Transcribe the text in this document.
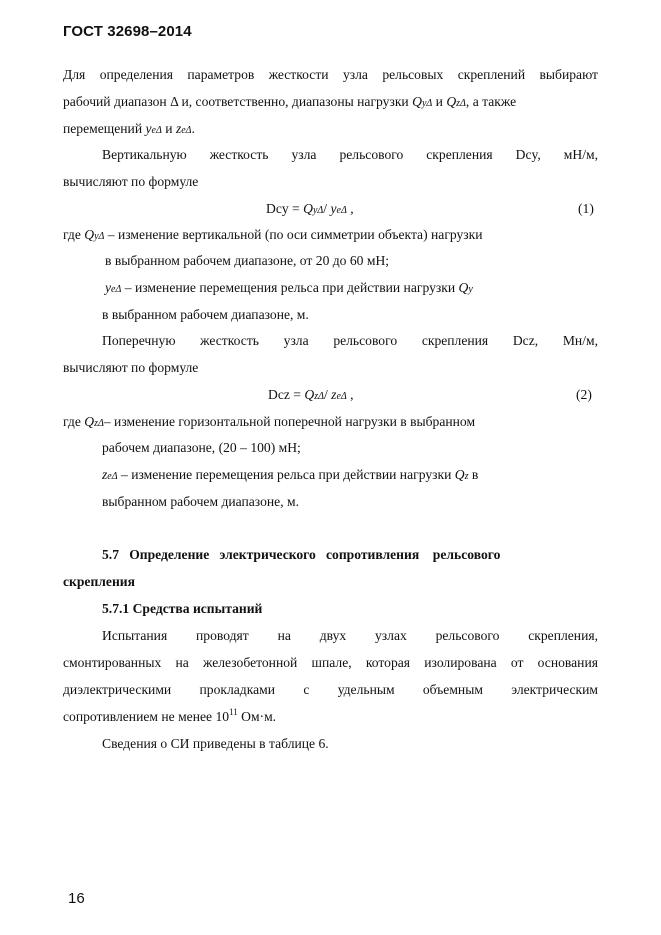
ГОСТ 32698–2014
Для определения параметров жесткости узла рельсовых скреплений выбирают
рабочий диапазон Δ и, соответственно, диапазоны нагрузки QyΔ и QzΔ, а также
перемещений yeΔ и zeΔ.
Вертикальную жесткость узла рельсового скрепления Dcy, мН/м,
вычисляют по формуле
Dcy = QyΔ/ yeΔ ,	(1)
где QyΔ – изменение вертикальной (по оси симметрии объекта) нагрузки
в выбранном рабочем диапазоне, от 20 до 60 мН;
yeΔ – изменение перемещения рельса при действии нагрузки Qy
в выбранном рабочем диапазоне, м.
Поперечную жесткость узла рельсового скрепления Dcz, Мн/м,
вычисляют по формуле
Dcz = QzΔ/ zeΔ ,	(2)
где QzΔ– изменение горизонтальной поперечной нагрузки в выбранном
рабочем диапазоне, (20 – 100) мН;
zeΔ – изменение перемещения рельса при действии нагрузки Qz в
выбранном рабочем диапазоне, м.
5.7   Определение   электрического   сопротивления    рельсового
скрепления
5.7.1 Средства испытаний
Испытания проводят на двух узлах рельсового скрепления,
смонтированных на железобетонной шпале, которая изолирована от основания
диэлектрическими прокладками с удельным объемным электрическим
сопротивлением не менее $10^{11}$ Ом·м.
Сведения о СИ приведены в таблице 6.
16
